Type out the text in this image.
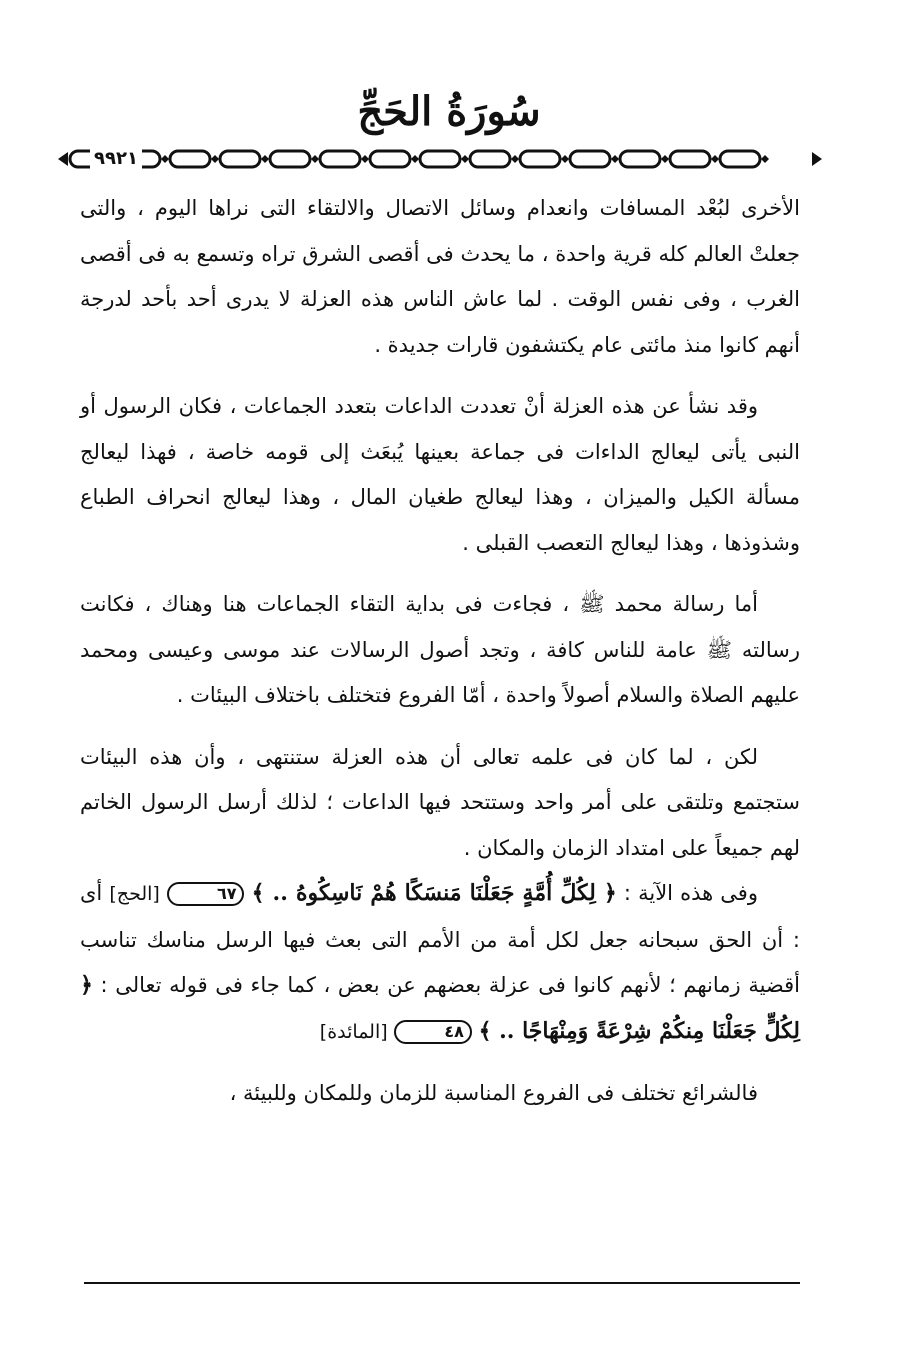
سُورَةُ الحَجِّ
٩٩٢١

الأخرى لبُعْد المسافات وانعدام وسائل الاتصال والالتقاء التى نراها اليوم ، والتى جعلتْ العالم كله قرية واحدة ، ما يحدث فى أقصى الشرق تراه وتسمع به فى أقصى الغرب ، وفى نفس الوقت . لما عاش الناس هذه العزلة لا يدرى أحد بأحد لدرجة أنهم كانوا منذ مائتى عام يكتشفون قارات جديدة .

وقد نشأ عن هذه العزلة أنْ تعددت الداعات بتعدد الجماعات ، فكان الرسول أو النبى يأتى ليعالج الداءات فى جماعة بعينها يُبعَث إلى قومه خاصة ، فهذا ليعالج مسألة الكيل والميزان ، وهذا ليعالج طغيان المال ، وهذا ليعالج انحراف الطباع وشذوذها ، وهذا ليعالج التعصب القبلى .

أما رسالة محمد ﷺ ، فجاءت فى بداية التقاء الجماعات هنا وهناك ، فكانت رسالته ﷺ عامة للناس كافة ، وتجد أصول الرسالات عند موسى وعيسى ومحمد عليهم الصلاة والسلام أصولاً واحدة ، أمّا الفروع فتختلف باختلاف البيئات .

لكن ، لما كان فى علمه تعالى أن هذه العزلة ستنتهى ، وأن هذه البيئات ستجتمع وتلتقى على أمر واحد وستتحد فيها الداعات ؛ لذلك أرسل الرسول الخاتم لهم جميعاً على امتداد الزمان والمكان .

وفى هذه الآية : ﴿ لِكُلِّ أُمَّةٍ جَعَلْنَا مَنسَكًا هُمْ نَاسِكُوهُ .. ﴾ ٦٧ [الحج] أى : أن الحق سبحانه جعل لكل أمة من الأمم التى بعث فيها الرسل مناسك تناسب أقضية زمانهم ؛ لأنهم كانوا فى عزلة بعضهم عن بعض ، كما جاء فى قوله تعالى : ﴿ لِكُلٍّ جَعَلْنَا مِنكُمْ شِرْعَةً وَمِنْهَاجًا .. ﴾ ٤٨ [المائدة]

فالشرائع تختلف فى الفروع المناسبة للزمان وللمكان وللبيئة ،
